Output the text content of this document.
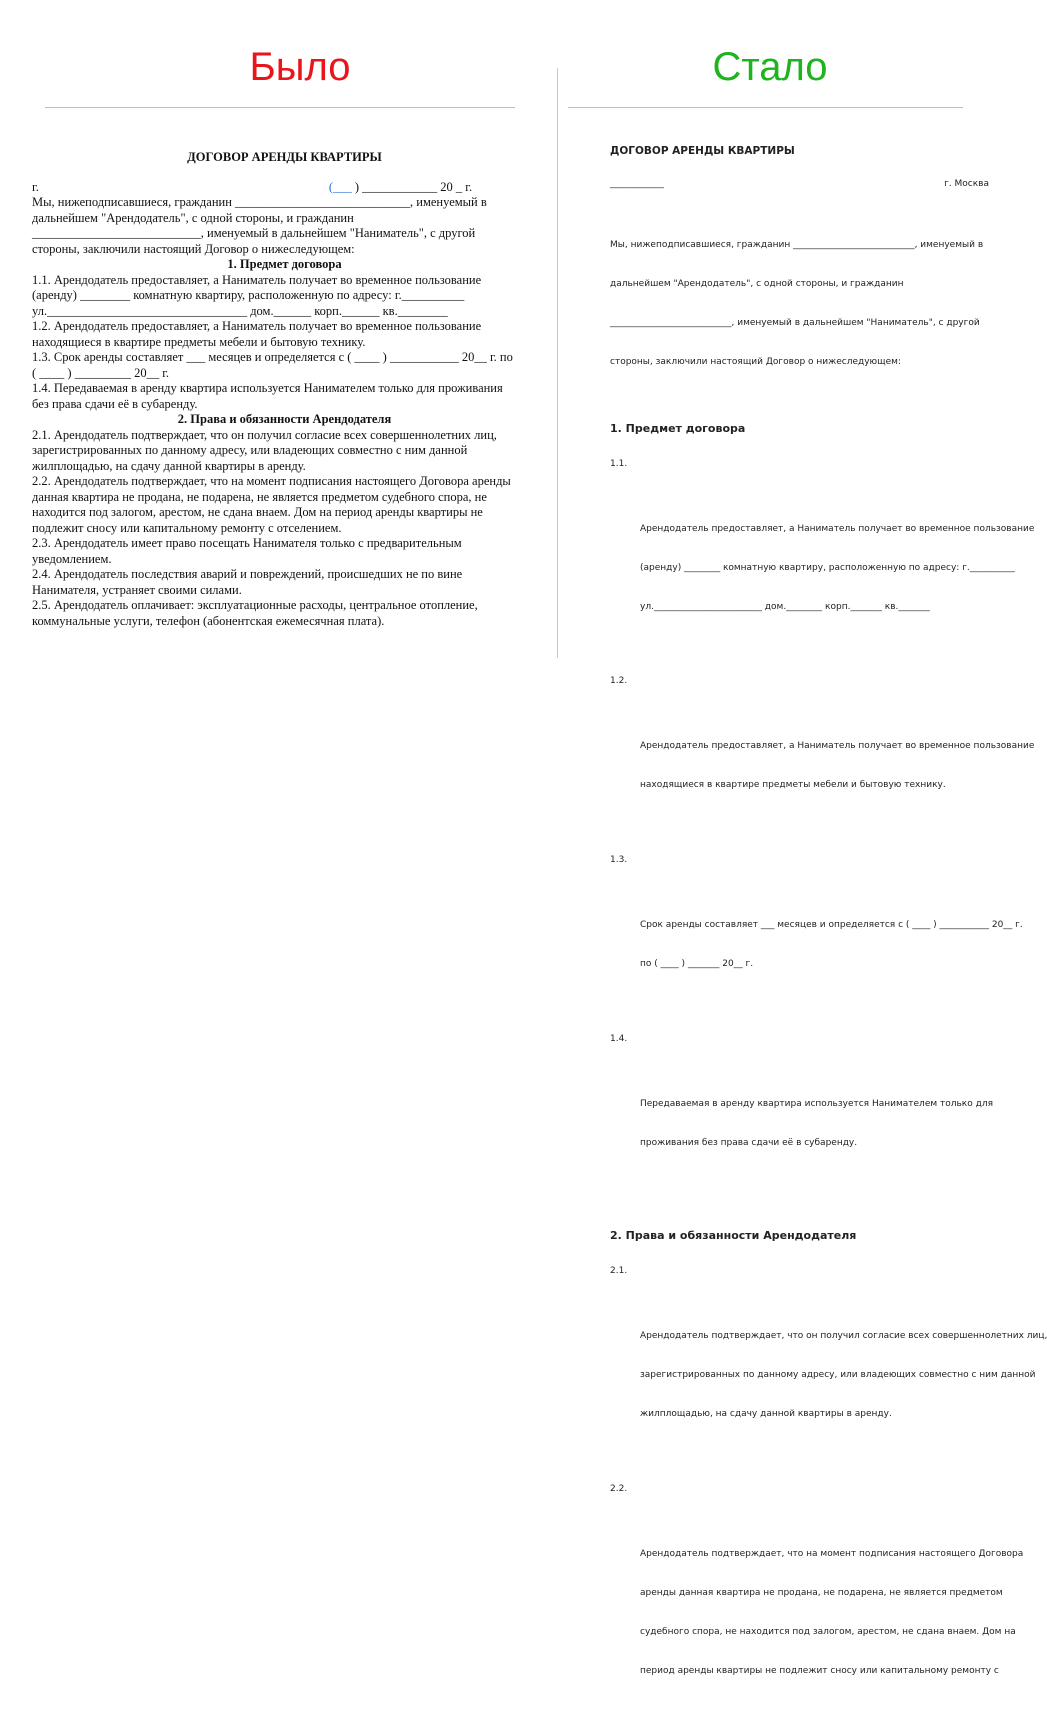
Было	Стало
ДОГОВОР АРЕНДЫ КВАРТИРЫ
г.	(___ ) ____________ 20 _ г.
Мы, нижеподписавшиеся, гражданин ____________________________, именуемый в
дальнейшем "Арендодатель", с одной стороны, и гражданин
___________________________, именуемый в дальнейшем "Наниматель", с другой
стороны, заключили настоящий Договор о нижеследующем:
1. Предмет договора
1.1. Арендодатель предоставляет, а Наниматель получает во временное пользование
(аренду) ________ комнатную квартиру, расположенную по адресу: г.__________
ул.________________________________ дом.______ корп.______ кв.________
1.2. Арендодатель предоставляет, а Наниматель получает во временное пользование
находящиеся в квартире предметы мебели и бытовую технику.
1.3. Срок аренды составляет ___ месяцев и определяется с ( ____ ) ___________ 20__ г. по
( ____ ) _________ 20__ г.
1.4. Передаваемая в аренду квартира используется Нанимателем только для проживания
без права сдачи её в субаренду.
2. Права и обязанности Арендодателя
2.1. Арендодатель подтверждает, что он получил согласие всех совершеннолетних лиц,
зарегистрированных по данному адресу, или владеющих совместно с ним данной
жилплощадью, на сдачу данной квартиры в аренду.
2.2. Арендодатель подтверждает, что на момент подписания настоящего Договора аренды
данная квартира не продана, не подарена, не является предметом судебного спора, не
находится под залогом, арестом, не сдана внаем. Дом на период аренды квартиры не
подлежит сносу или капитальному ремонту с отселением.
2.3. Арендодатель имеет право посещать Нанимателя только с предварительным
уведомлением.
2.4. Арендодатель последствия аварий и повреждений, происшедших не по вине
Нанимателя, устраняет своими силами.
2.5. Арендодатель оплачивает: эксплуатационные расходы, центральное отопление,
коммунальные услуги, телефон (абонентская ежемесячная плата).
ДОГОВОР АРЕНДЫ КВАРТИРЫ
____________	г. Москва

Мы, нижеподписавшиеся, гражданин ___________________________, именуемый в

дальнейшем "Арендодатель", с одной стороны, и гражданин

___________________________, именуемый в дальнейшем "Наниматель", с другой

стороны, заключили настоящий Договор о нижеследующем:

1. Предмет договора

1.1.

Арендодатель предоставляет, а Наниматель получает во временное пользование

(аренду) ________ комнатную квартиру, расположенную по адресу: г.__________

ул.________________________ дом.________ корп._______ кв._______

1.2.

Арендодатель предоставляет, а Наниматель получает во временное пользование

находящиеся в квартире предметы мебели и бытовую технику.

1.3.

Срок аренды составляет ___ месяцев и определяется с ( ____ ) ___________ 20__ г.

по ( ____ ) _______ 20__ г.

1.4.

Передаваемая в аренду квартира используется Нанимателем только для

проживания без права сдачи её в субаренду.

2. Права и обязанности Арендодателя

2.1.

Арендодатель подтверждает, что он получил согласие всех совершеннолетних лиц,

зарегистрированных по данному адресу, или владеющих совместно с ним данной

жилплощадью, на сдачу данной квартиры в аренду.

2.2.

Арендодатель подтверждает, что на момент подписания настоящего Договора

аренды данная квартира не продана, не подарена, не является предметом

судебного спора, не находится под залогом, арестом, не сдана внаем. Дом на

период аренды квартиры не подлежит сносу или капитальному ремонту с
